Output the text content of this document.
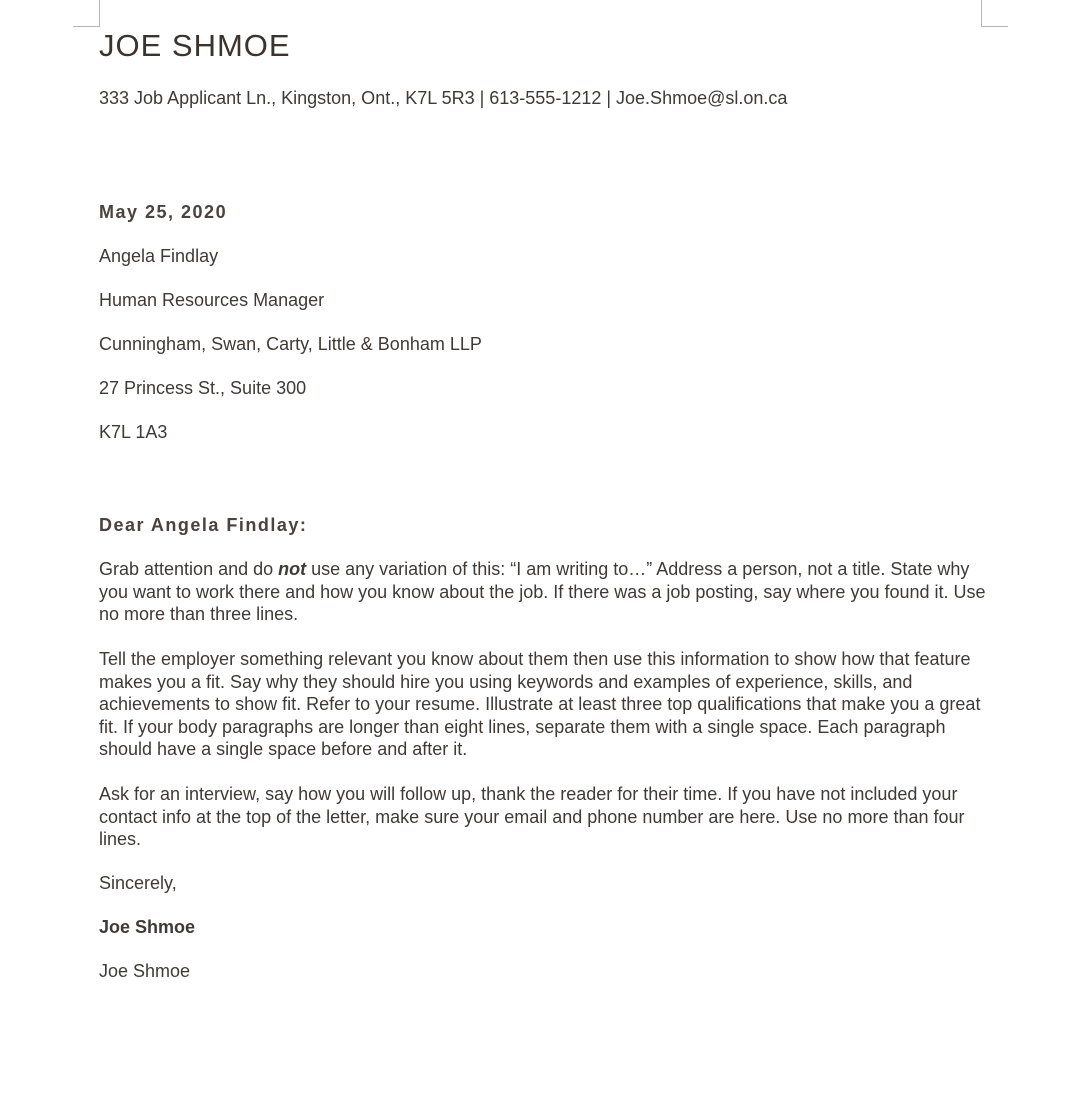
JOE SHMOE
333 Job Applicant Ln., Kingston, Ont., K7L 5R3 | 613-555-1212 | Joe.Shmoe@sl.on.ca
May 25, 2020
Angela Findlay
Human Resources Manager
Cunningham, Swan, Carty, Little & Bonham LLP
27 Princess St., Suite 300
K7L 1A3
Dear Angela Findlay:

Grab attention and do not use any variation of this: “I am writing to…” Address a person, not a title. State why you want to work there and how you know about the job. If there was a job posting, say where you found it. Use no more than three lines.

Tell the employer something relevant you know about them then use this information to show how that feature makes you a fit. Say why they should hire you using keywords and examples of experience, skills, and achievements to show fit. Refer to your resume. Illustrate at least three top qualifications that make you a great fit. If your body paragraphs are longer than eight lines, separate them with a single space. Each paragraph should have a single space before and after it.

Ask for an interview, say how you will follow up, thank the reader for their time. If you have not included your contact info at the top of the letter, make sure your email and phone number are here. Use no more than four lines.

Sincerely,
Joe Shmoe
Joe Shmoe
